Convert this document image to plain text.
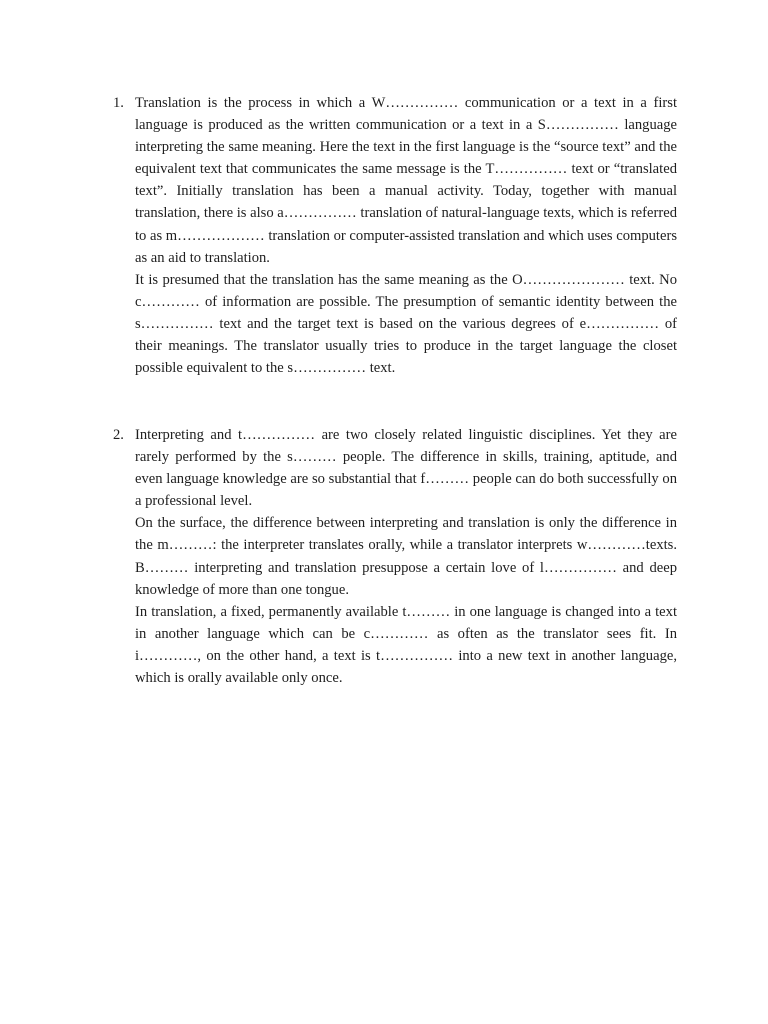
1. Translation is the process in which a W…………… communication or a text in a first language is produced as the written communication or a text in a S…………… language interpreting the same meaning. Here the text in the first language is the “source text” and the equivalent text that communicates the same message is the T…………… text or “translated text”. Initially translation has been a manual activity. Today, together with manual translation, there is also a…………… translation of natural-language texts, which is referred to as m……………… translation or computer-assisted translation and which uses computers as an aid to translation.

It is presumed that the translation has the same meaning as the O………………… text. No c………… of information are possible. The presumption of semantic identity between the s…………… text and the target text is based on the various degrees of e…………… of their meanings. The translator usually tries to produce in the target language the closet possible equivalent to the s…………… text.

2. Interpreting and t…………… are two closely related linguistic disciplines. Yet they are rarely performed by the s……… people. The difference in skills, training, aptitude, and even language knowledge are so substantial that f……… people can do both successfully on a professional level.

On the surface, the difference between interpreting and translation is only the difference in the m………: the interpreter translates orally, while a translator interprets w…………texts. B……… interpreting and translation presuppose a certain love of l…………… and deep knowledge of more than one tongue.

In translation, a fixed, permanently available t……… in one language is changed into a text in another language which can be c………… as often as the translator sees fit. In i…………, on the other hand, a text is t…………… into a new text in another language, which is orally available only once.
